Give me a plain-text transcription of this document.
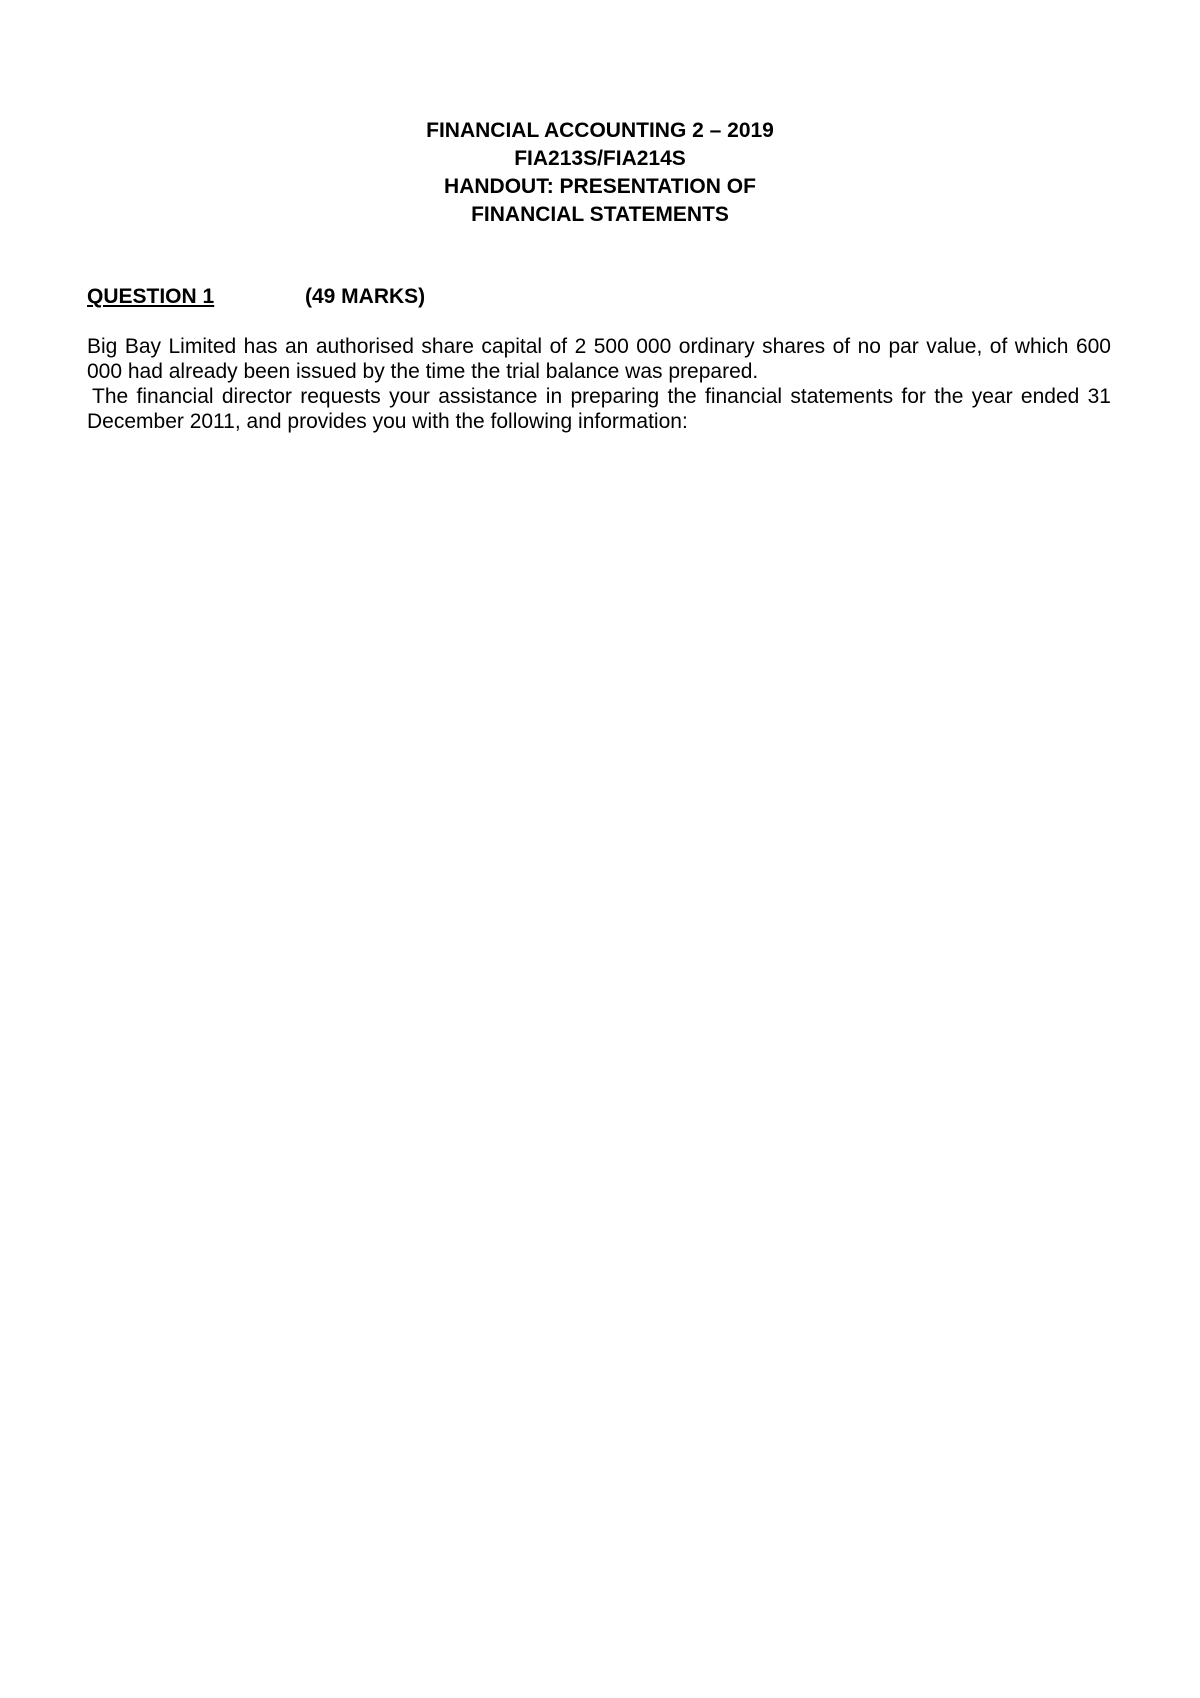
FINANCIAL ACCOUNTING 2 – 2019
FIA213S/FIA214S
HANDOUT: PRESENTATION OF
FINANCIAL STATEMENTS
QUESTION 1	(49 MARKS)

Big Bay Limited has an authorised share capital of 2 500 000 ordinary shares of no par value, of which 600 000 had already been issued by the time the trial balance was prepared.

The financial director requests your assistance in preparing the financial statements for the year ended 31 December 2011, and provides you with the following information:
